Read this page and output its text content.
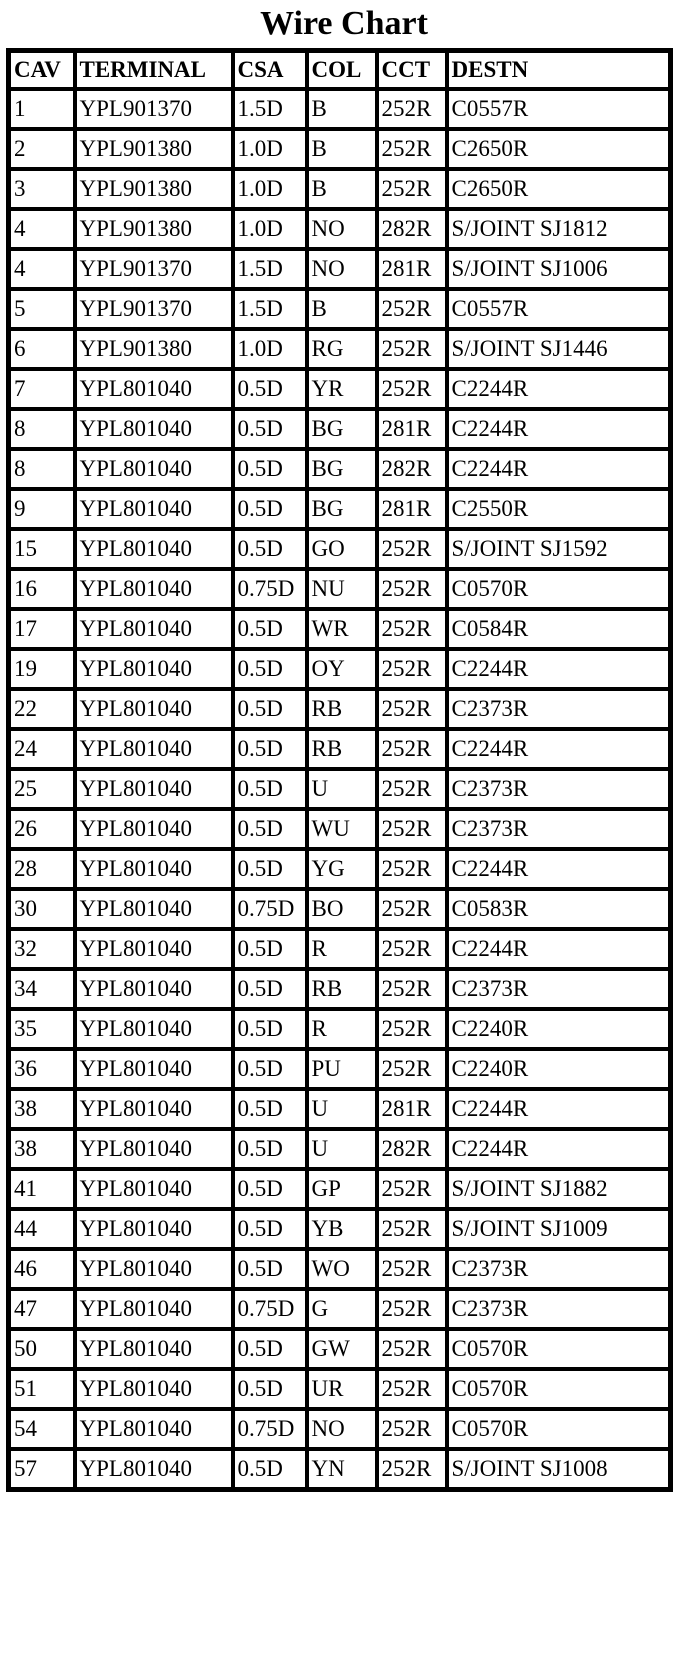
Wire Chart
CAV	TERMINAL	CSA	COL	CCT	DESTN
1	YPL901370	1.5D	B	252R	C0557R
2	YPL901380	1.0D	B	252R	C2650R
3	YPL901380	1.0D	B	252R	C2650R
4	YPL901380	1.0D	NO	282R	S/JOINT SJ1812
4	YPL901370	1.5D	NO	281R	S/JOINT SJ1006
5	YPL901370	1.5D	B	252R	C0557R
6	YPL901380	1.0D	RG	252R	S/JOINT SJ1446
7	YPL801040	0.5D	YR	252R	C2244R
8	YPL801040	0.5D	BG	281R	C2244R
8	YPL801040	0.5D	BG	282R	C2244R
9	YPL801040	0.5D	BG	281R	C2550R
15	YPL801040	0.5D	GO	252R	S/JOINT SJ1592
16	YPL801040	0.75D	NU	252R	C0570R
17	YPL801040	0.5D	WR	252R	C0584R
19	YPL801040	0.5D	OY	252R	C2244R
22	YPL801040	0.5D	RB	252R	C2373R
24	YPL801040	0.5D	RB	252R	C2244R
25	YPL801040	0.5D	U	252R	C2373R
26	YPL801040	0.5D	WU	252R	C2373R
28	YPL801040	0.5D	YG	252R	C2244R
30	YPL801040	0.75D	BO	252R	C0583R
32	YPL801040	0.5D	R	252R	C2244R
34	YPL801040	0.5D	RB	252R	C2373R
35	YPL801040	0.5D	R	252R	C2240R
36	YPL801040	0.5D	PU	252R	C2240R
38	YPL801040	0.5D	U	281R	C2244R
38	YPL801040	0.5D	U	282R	C2244R
41	YPL801040	0.5D	GP	252R	S/JOINT SJ1882
44	YPL801040	0.5D	YB	252R	S/JOINT SJ1009
46	YPL801040	0.5D	WO	252R	C2373R
47	YPL801040	0.75D	G	252R	C2373R
50	YPL801040	0.5D	GW	252R	C0570R
51	YPL801040	0.5D	UR	252R	C0570R
54	YPL801040	0.75D	NO	252R	C0570R
57	YPL801040	0.5D	YN	252R	S/JOINT SJ1008
